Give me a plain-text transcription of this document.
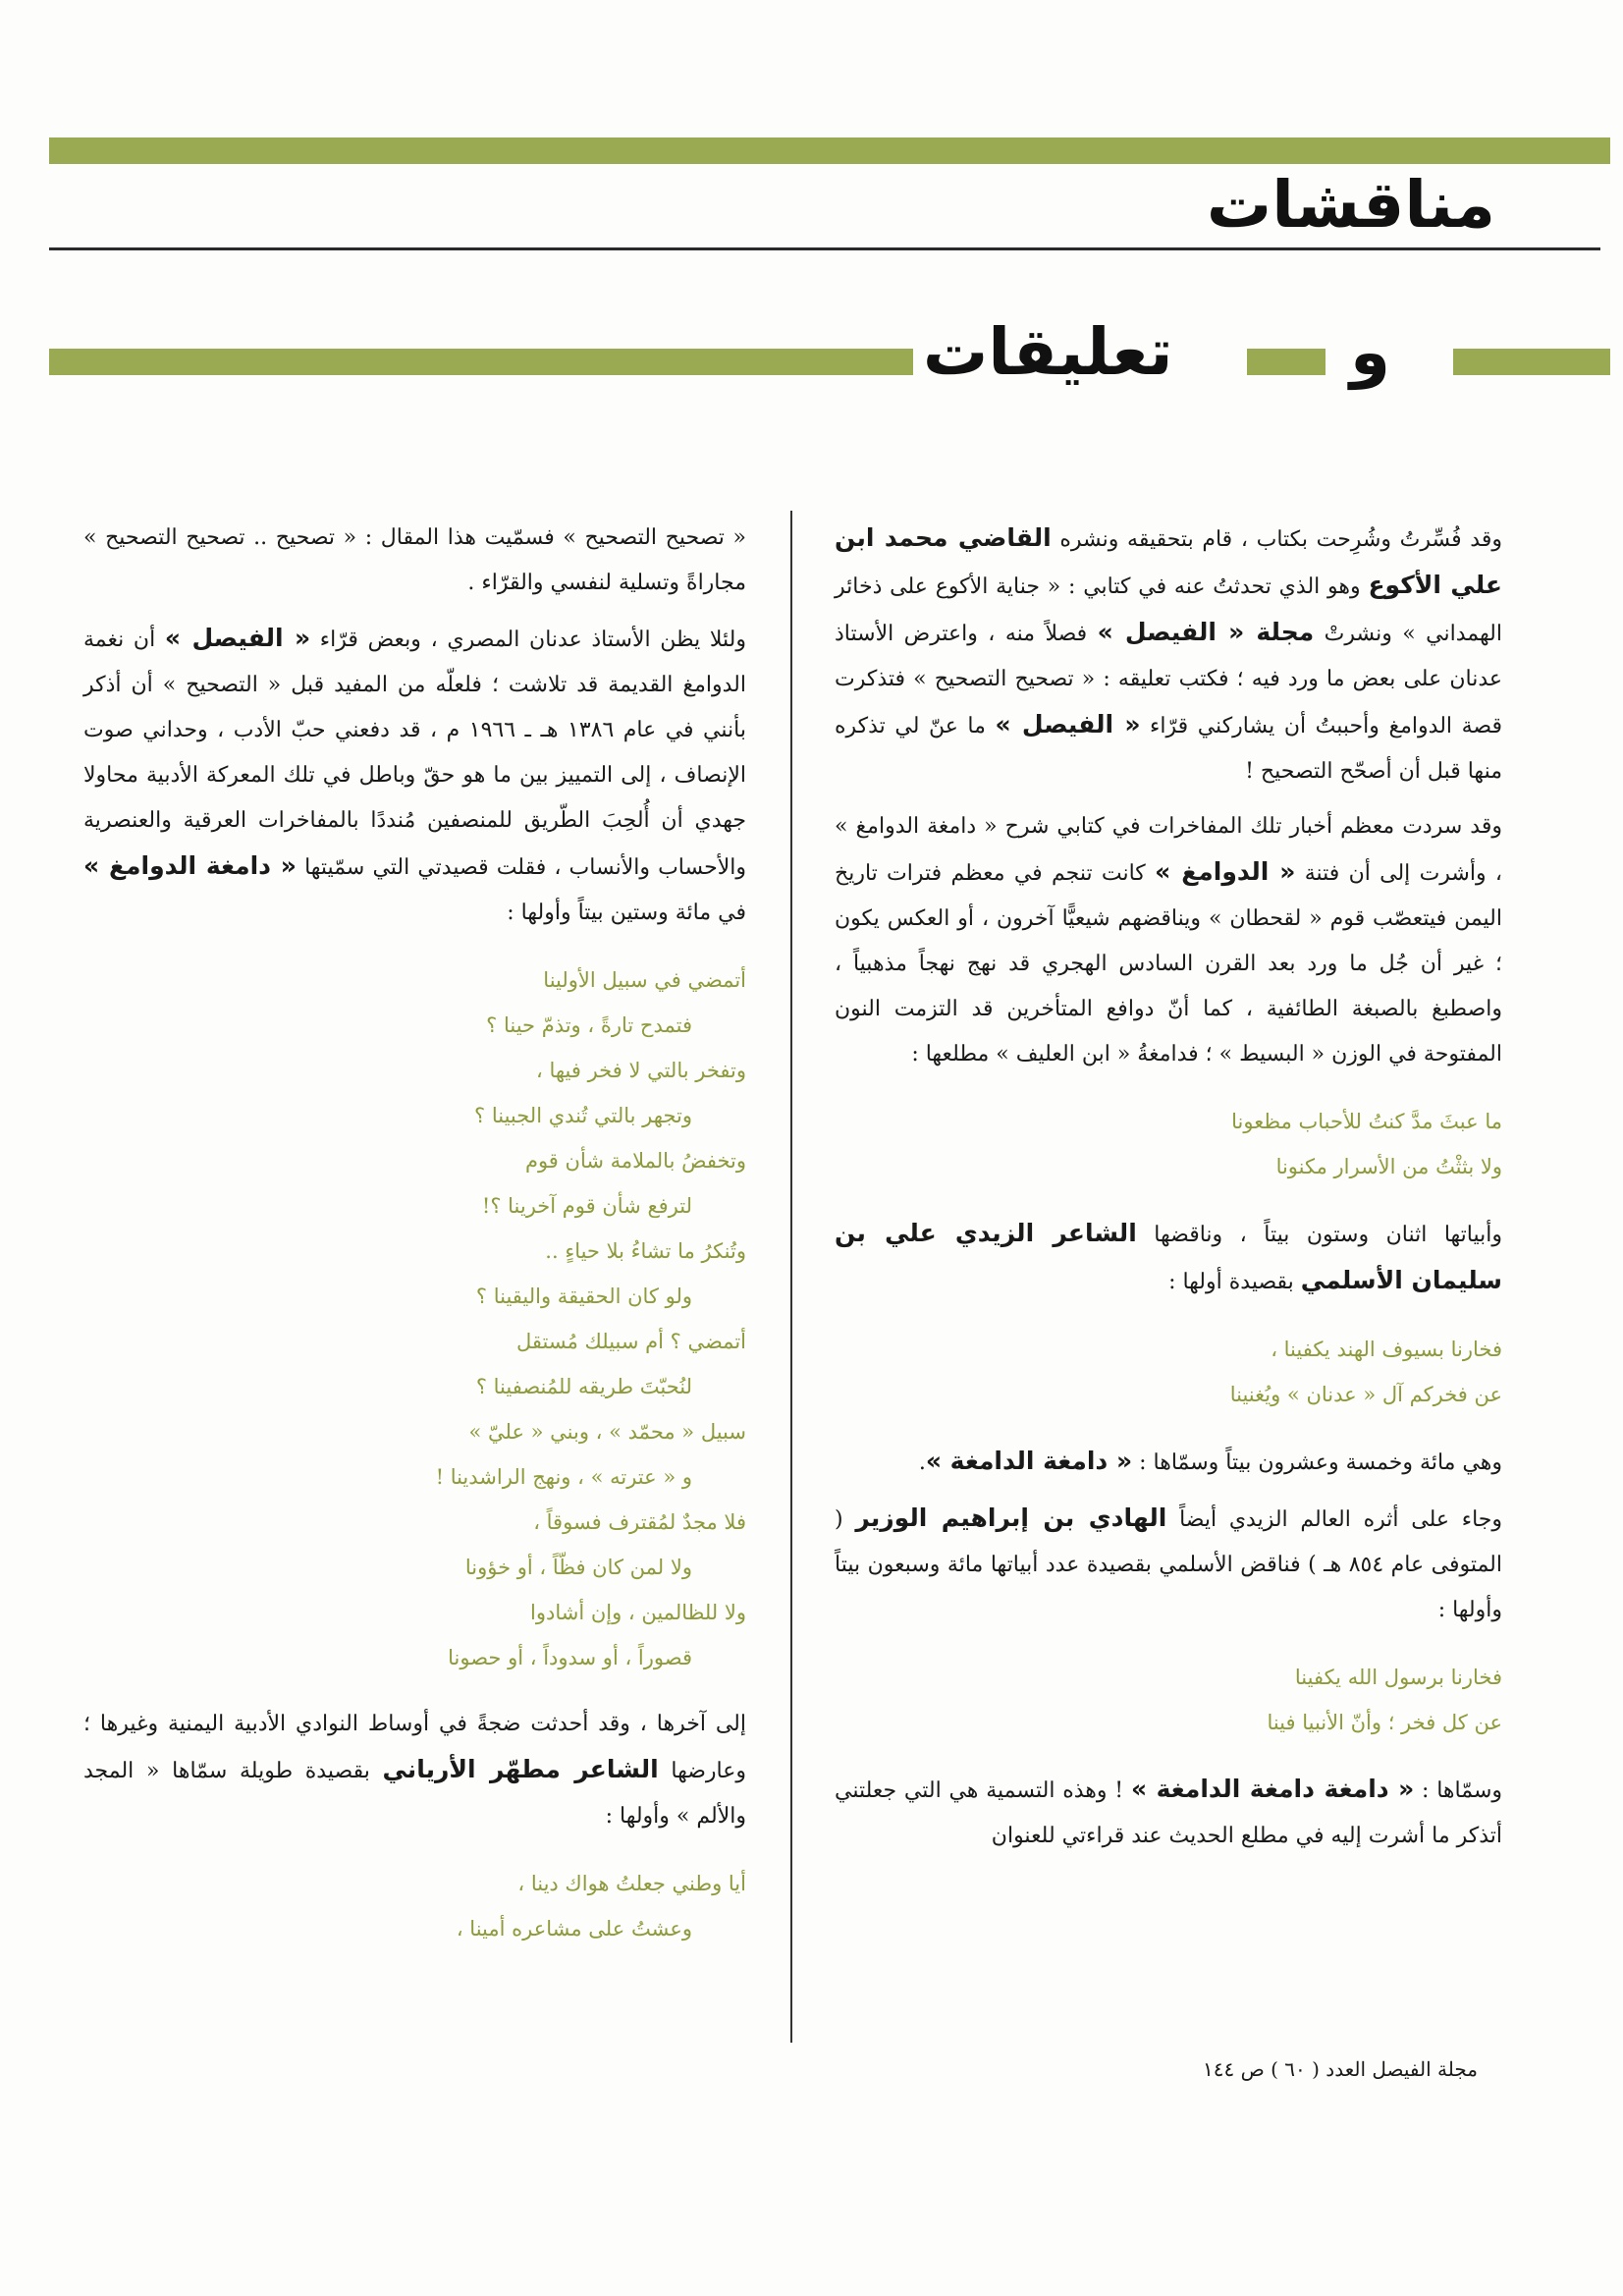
مناقشات
تعليقات	و

وقد فُسِّرتُ وشُرِحت بكتاب ، قام بتحقيقه ونشره القاضي محمد ابن علي الأكوع وهو الذي تحدثتُ عنه في كتابي : « جناية الأكوع على ذخائر الهمداني » ونشرتْ مجلة « الفيصل » فصلاً منه ، واعترض الأستاذ عدنان على بعض ما ورد فيه ؛ فكتب تعليقه : « تصحيح التصحيح » فتذكرت قصة الدوامغ وأحببتُ أن يشاركني قرّاء « الفيصل » ما عنّ لي تذكره منها قبل أن أصحّح التصحيح !

وقد سردت معظم أخبار تلك المفاخرات في كتابي شرح « دامغة الدوامغ » ، وأشرت إلى أن فتنة « الدوامغ » كانت تنجم في معظم فترات تاريخ اليمن فيتعصّب قوم « لقحطان » ويناقضهم شيعيًّا آخرون ، أو العكس يكون ؛ غير أن جُل ما ورد بعد القرن السادس الهجري قد نهج نهجاً مذهبياً ، واصطبغ بالصبغة الطائفية ، كما أنّ دوافع المتأخرين قد التزمت النون المفتوحة في الوزن « البسيط » ؛ فدامغةُ « ابن العليف » مطلعها :

ما عبثَ مدَّ كنتُ للأحباب مظعونا
ولا بثثْتُ من الأسرار مكنونا

وأبياتها اثنان وستون بيتاً ، وناقضها الشاعر الزيدي علي بن سليمان الأسلمي بقصيدة أولها :

فخارنا بسيوف الهند يكفينا ،
عن فخركم آل « عدنان » ويُغنينا

وهي مائة وخمسة وعشرون بيتاً وسمّاها : « دامغة الدامغة ».

وجاء على أثره العالم الزيدي أيضاً الهادي بن إبراهيم الوزير ( المتوفى عام ٨٥٤ هـ ) فناقض الأسلمي بقصيدة عدد أبياتها مائة وسبعون بيتاً وأولها :

فخارنا برسول الله يكفينا
عن كل فخر ؛ وأنّ الأنبيا فينا

وسمّاها : « دامغة دامغة الدامغة » ! وهذه التسمية هي التي جعلتني أتذكر ما أشرت إليه في مطلع الحديث عند قراءتي للعنوان

« تصحيح التصحيح » فسمّيت هذا المقال : « تصحيح .. تصحيح التصحيح » مجاراةً وتسلية لنفسي والقرّاء .

ولئلا يظن الأستاذ عدنان المصري ، وبعض قرّاء « الفيصل » أن نغمة الدوامغ القديمة قد تلاشت ؛ فلعلّه من المفيد قبل « التصحيح » أن أذكر بأنني في عام ١٣٨٦ هـ ـ ١٩٦٦ م ، قد دفعني حبّ الأدب ، وحداني صوت الإنصاف ، إلى التمييز بين ما هو حقّ وباطل في تلك المعركة الأدبية محاولا جهدي أن أُلحِبَ الطّريق للمنصفين مُنددًا بالمفاخرات العرقية والعنصرية والأحساب والأنساب ، فقلت قصيدتي التي سمّيتها « دامغة الدوامغ » في مائة وستين بيتاً وأولها :

أتمضي في سبيل الأولينا
فتمدح تارةً ، وتذمّ حينا ؟
وتفخر بالتي لا فخر فيها ،
وتجهر بالتي تُندي الجبينا ؟
وتخفضُ بالملامة شأن قوم
لترفع شأن قوم آخرينا ؟!
وتُنكرُ ما تشاءُ بلا حياءٍ ..
ولو كان الحقيقة واليقينا ؟
أتمضي ؟ أم سبيلك مُستقل
لنُحبّتَ طريقه للمُنصفينا ؟
سبيل « محمّد » ، وبني « عليّ »
و « عترته » ، ونهج الراشدينا !
فلا مجدٌ لمُقترف فسوقاً ،
ولا لمن كان فظّاً ، أو خؤونا
ولا للظالمين ، وإن أشادوا
قصوراً ، أو سدوداً ، أو حصونا

إلى آخرها ، وقد أحدثت ضجةً في أوساط النوادي الأدبية اليمنية وغيرها ؛ وعارضها الشاعر مطهّر الأرياني بقصيدة طويلة سمّاها « المجد والألم » وأولها :

أيا وطني جعلتُ هواك دينا ،
وعشتُ على مشاعره أمينا ،
مجلة الفيصل العدد ( ٦٠ ) ص ١٤٤
